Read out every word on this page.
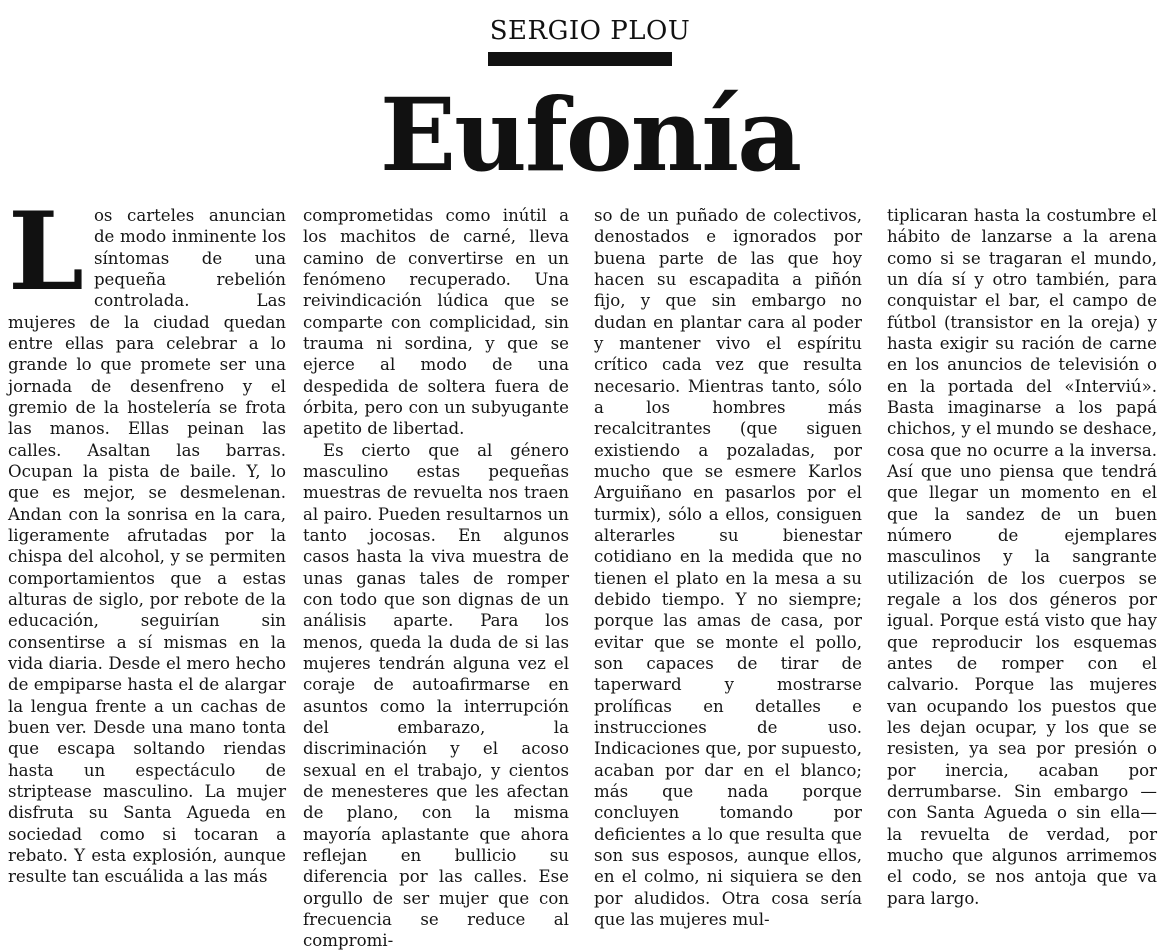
SERGIO PLOU
Eufonía
L os carteles anuncian de modo inminente los síntomas de una pequeña rebelión controlada. Las mujeres de la ciudad quedan entre ellas para celebrar a lo grande lo que promete ser una jornada de desenfreno y el gremio de la hostelería se frota las manos. Ellas peinan las calles. Asaltan las barras. Ocupan la pista de baile. Y, lo que es mejor, se desmelenan. Andan con la sonrisa en la cara, ligeramente afrutadas por la chispa del alcohol, y se permiten comportamientos que a estas alturas de siglo, por rebote de la educación, seguirían sin consentirse a sí mismas en la vida diaria. Desde el mero hecho de empiparse hasta el de alargar la lengua frente a un cachas de buen ver. Desde una mano tonta que escapa soltando riendas hasta un espectáculo de striptease masculino. La mujer disfruta su Santa Agueda en sociedad como si tocaran a rebato. Y esta explosión, aunque resulte tan escuálida a las más

comprometidas como inútil a los machitos de carné, lleva camino de convertirse en un fenómeno recuperado. Una reivindicación lúdica que se comparte con complicidad, sin trauma ni sordina, y que se ejerce al modo de una despedida de soltera fuera de órbita, pero con un subyugante apetito de libertad.

Es cierto que al género masculino estas pequeñas muestras de revuelta nos traen al pairo. Pueden resultarnos un tanto jocosas. En algunos casos hasta la viva muestra de unas ganas tales de romper con todo que son dignas de un análisis aparte. Para los menos, queda la duda de si las mujeres tendrán alguna vez el coraje de autoafirmarse en asuntos como la interrupción del embarazo, la discriminación y el acoso sexual en el trabajo, y cientos de menesteres que les afectan de plano, con la misma mayoría aplastante que ahora reflejan en bullicio su diferencia por las calles. Ese orgullo de ser mujer que con frecuencia se reduce al compromi-

so de un puñado de colectivos, denostados e ignorados por buena parte de las que hoy hacen su escapadita a piñón fijo, y que sin embargo no dudan en plantar cara al poder y mantener vivo el espíritu crítico cada vez que resulta necesario. Mientras tanto, sólo a los hombres más recalcitrantes (que siguen existiendo a pozaladas, por mucho que se esmere Karlos Arguiñano en pasarlos por el turmix), sólo a ellos, consiguen alterarles su bienestar cotidiano en la medida que no tienen el plato en la mesa a su debido tiempo. Y no siempre; porque las amas de casa, por evitar que se monte el pollo, son capaces de tirar de taperward y mostrarse prolíficas en detalles e instrucciones de uso. Indicaciones que, por supuesto, acaban por dar en el blanco; más que nada porque concluyen tomando por deficientes a lo que resulta que son sus esposos, aunque ellos, en el colmo, ni siquiera se den por aludidos. Otra cosa sería que las mujeres mul-

tiplicaran hasta la costumbre el hábito de lanzarse a la arena como si se tragaran el mundo, un día sí y otro también, para conquistar el bar, el campo de fútbol (transistor en la oreja) y hasta exigir su ración de carne en los anuncios de televisión o en la portada del «Interviú». Basta imaginarse a los papá chichos, y el mundo se deshace, cosa que no ocurre a la inversa. Así que uno piensa que tendrá que llegar un momento en el que la sandez de un buen número de ejemplares masculinos y la sangrante utilización de los cuerpos se regale a los dos géneros por igual. Porque está visto que hay que reproducir los esquemas antes de romper con el calvario. Porque las mujeres van ocupando los puestos que les dejan ocupar, y los que se resisten, ya sea por presión o por inercia, acaban por derrumbarse. Sin embargo —con Santa Agueda o sin ella— la revuelta de verdad, por mucho que algunos arrimemos el codo, se nos antoja que va para largo.
